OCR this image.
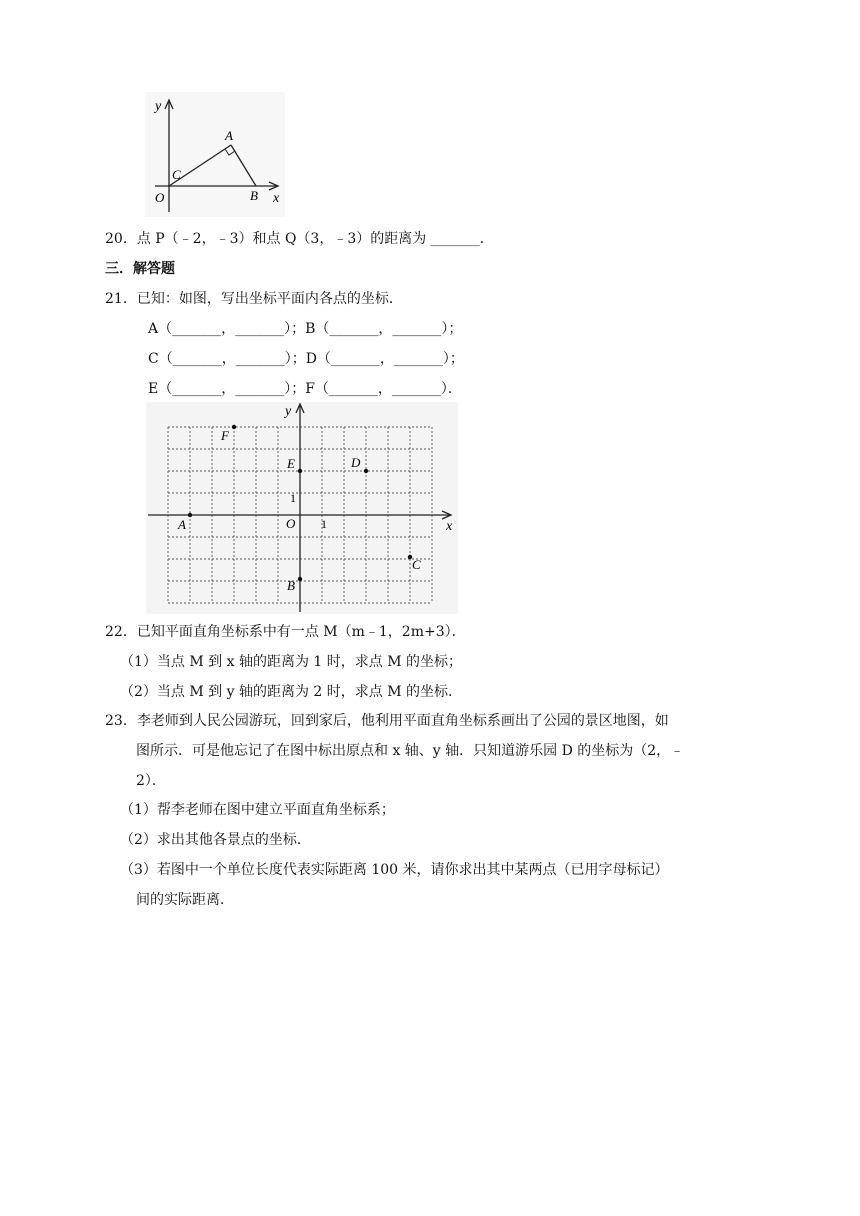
y
x
A
B
C
O
20．点 P（﹣2，﹣3）和点 Q（3，﹣3）的距离为 _______．
三．解答题
21．已知：如图，写出坐标平面内各点的坐标．
A（_______，_______）；B（_______，_______）；
C（_______，_______）；D（_______，_______）；
E（_______，_______）；F（_______，_______）．
y
x
O 1
1
A
B
C
D
E
F
22．已知平面直角坐标系中有一点 M（m﹣1，2m+3）．
（1）当点 M 到 x 轴的距离为 1 时，求点 M 的坐标；
（2）当点 M 到 y 轴的距离为 2 时，求点 M 的坐标．
23．李老师到人民公园游玩，回到家后，他利用平面直角坐标系画出了公园的景区地图，如
图所示．可是他忘记了在图中标出原点和 x 轴、y 轴．只知道游乐园 D 的坐标为（2，﹣
2）．
（1）帮李老师在图中建立平面直角坐标系；
（2）求出其他各景点的坐标．
（3）若图中一个单位长度代表实际距离 100 米，请你求出其中某两点（已用字母标记）
间的实际距离．
